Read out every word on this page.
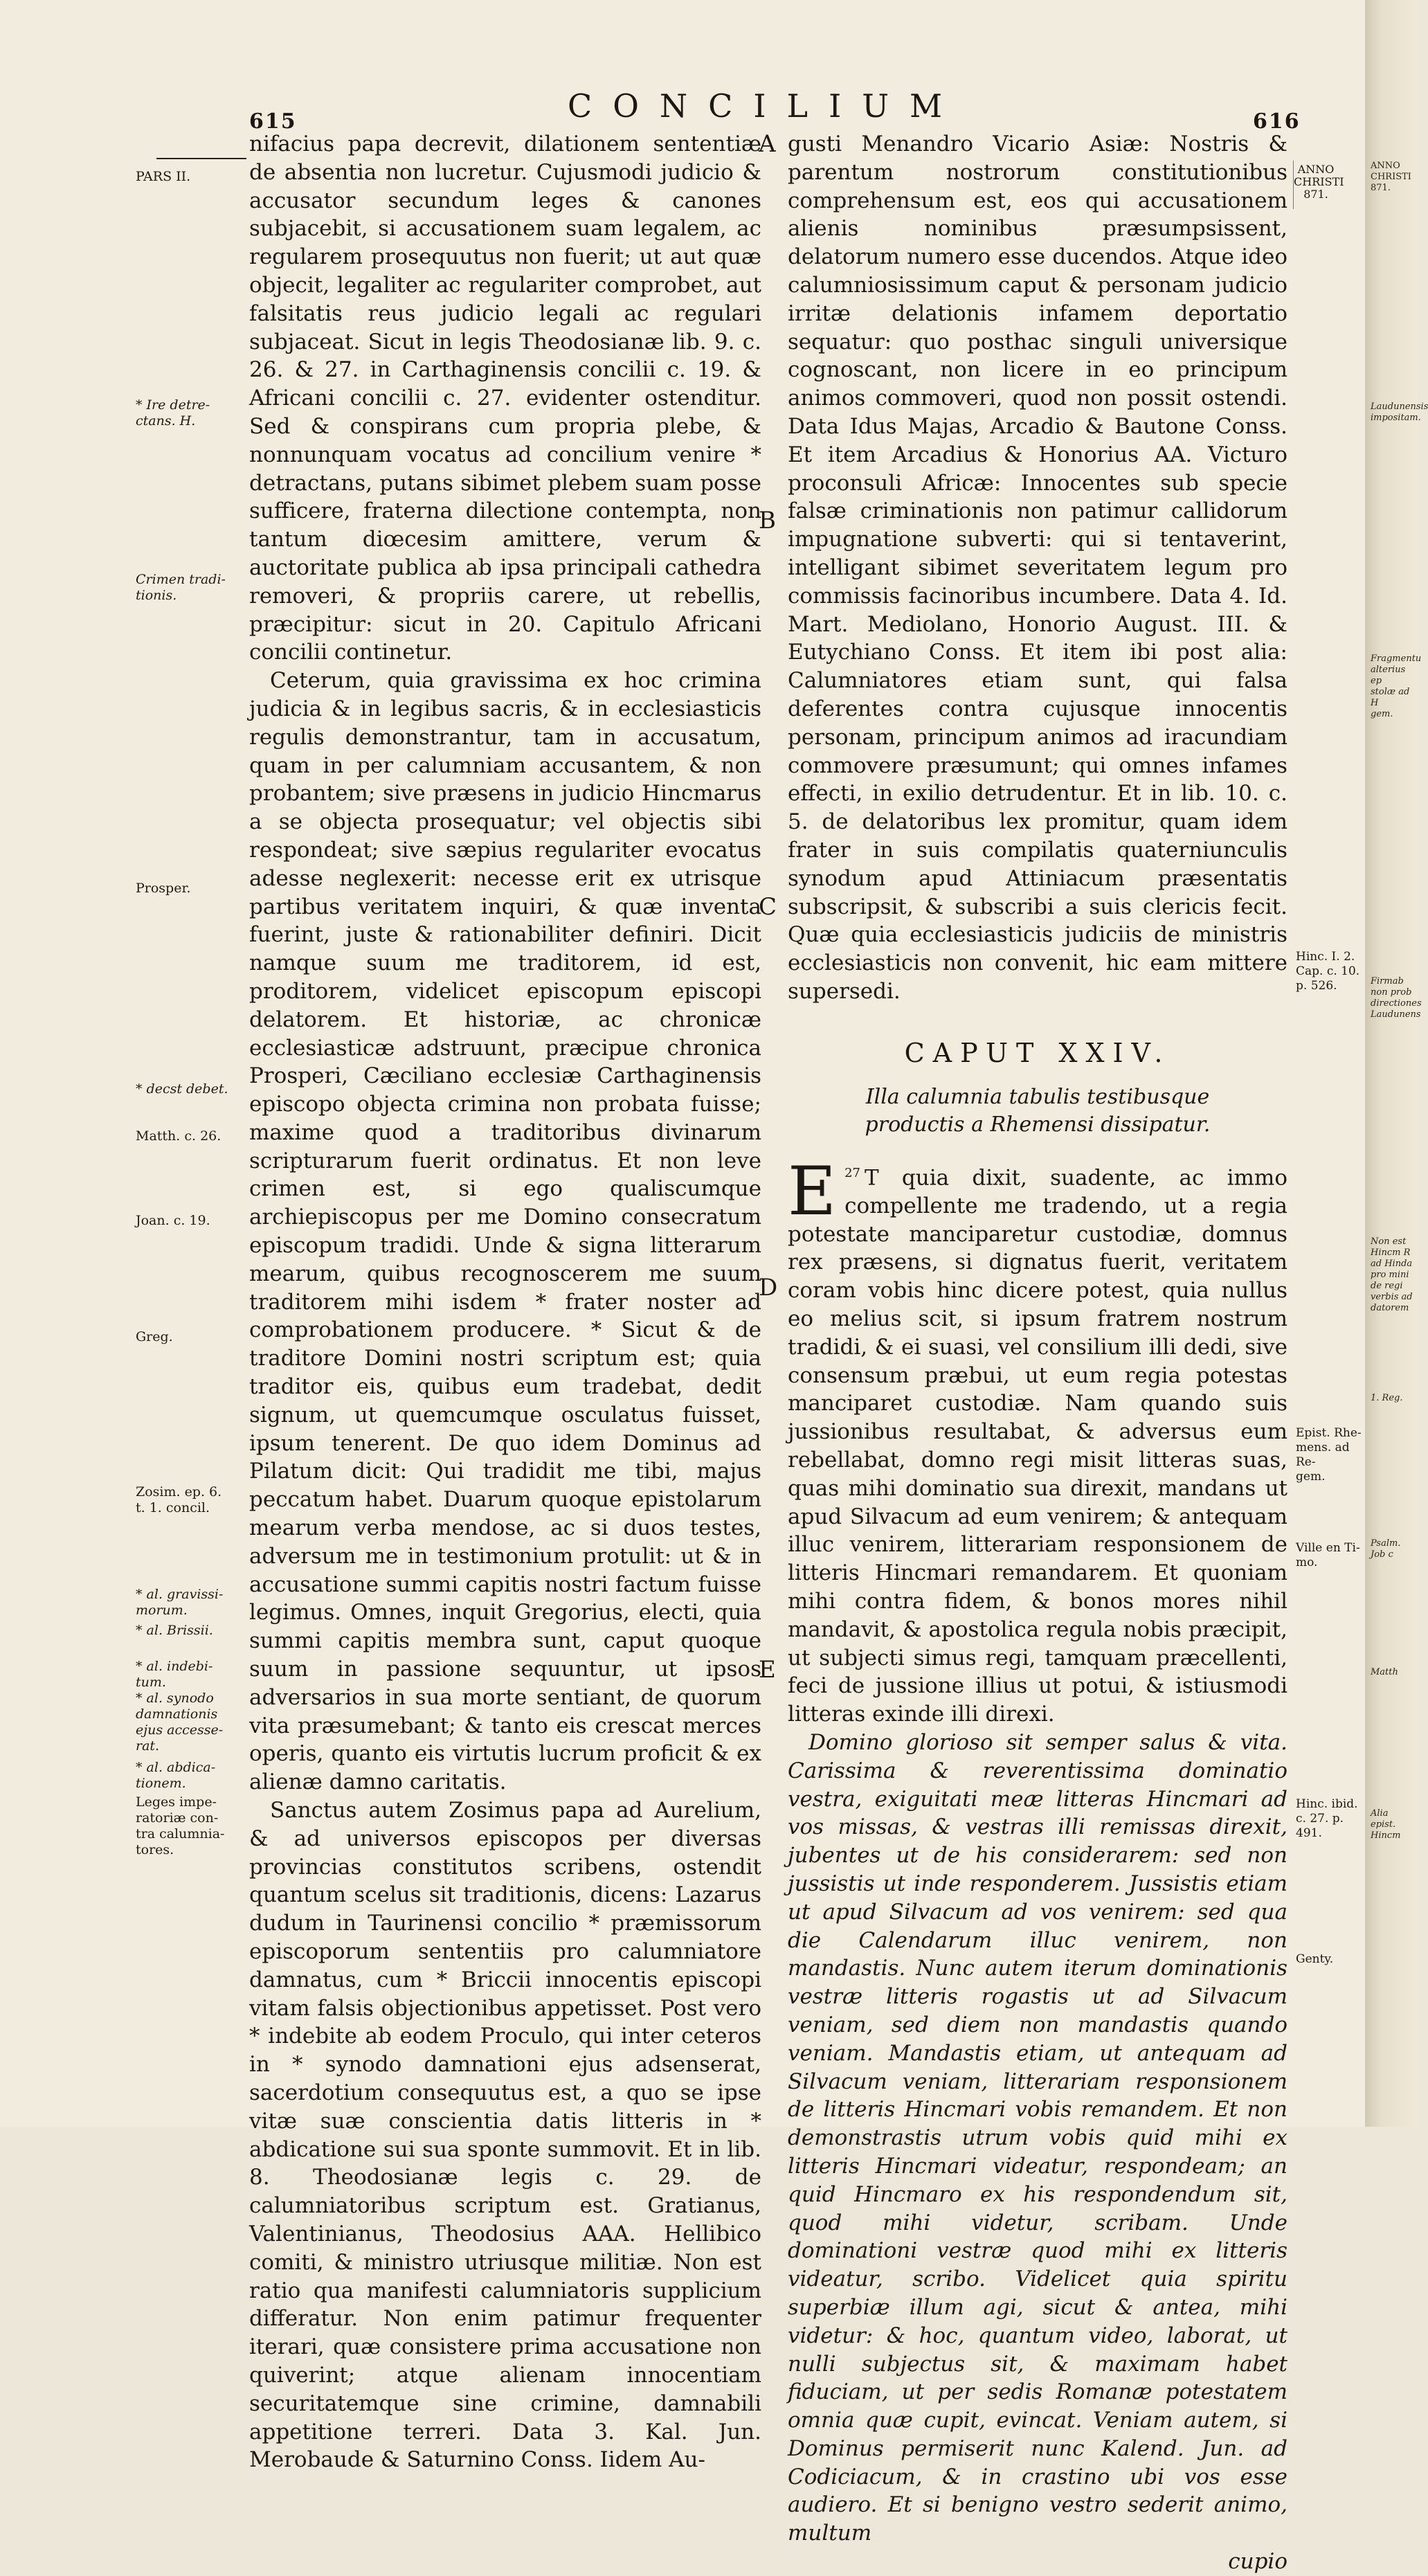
615	CONCILIUM	616
PARS II.
* Ire detre-
ctans. H.
Crimen tradi-
tionis.
Prosper.
* decst debet.
Matth. c. 26.
Joan. c. 19.
Greg.
Zosim. ep. 6.
t. 1. concil.
* al. gravissi-
morum.
* al. Brissii.
* al. indebi-
tum.
* al. synodo
damnationis
ejus accesse-
rat.
* al. abdica-
tionem.
Leges impe-
ratoriæ con-
tra calumnia-
tores.

nifacius papa decrevit, dilationem sententiæ de absentia non lucretur. Cujusmodi judicio & accusator secundum leges & canones subjacebit, si accusationem suam legalem, ac regularem prosequutus non fuerit; ut aut quæ objecit, legaliter ac regulariter comprobet, aut falsitatis reus judicio legali ac regulari subjaceat. Sicut in legis Theodosianæ lib. 9. c. 26. & 27. in Carthaginensis concilii c. 19. & Africani concilii c. 27. evidenter ostenditur. Sed & conspirans cum propria plebe, & nonnunquam vocatus ad concilium venire * detractans, putans sibimet plebem suam posse sufficere, fraterna dilectione contempta, non tantum diœcesim amittere, verum & auctoritate publica ab ipsa principali cathedra removeri, & propriis carere, ut rebellis, præcipitur: sicut in 20. Capitulo Africani concilii continetur.

Ceterum, quia gravissima ex hoc crimina judicia & in legibus sacris, & in ecclesiasticis regulis demonstrantur, tam in accusatum, quam in per calumniam accusantem, & non probantem; sive præsens in judicio Hincmarus a se objecta prosequatur; vel objectis sibi respondeat; sive sæpius regulariter evocatus adesse neglexerit: necesse erit ex utrisque partibus veritatem inquiri, & quæ inventa fuerint, juste & rationabiliter definiri. Dicit namque suum me traditorem, id est, proditorem, videlicet episcopum episcopi delatorem. Et historiæ, ac chronicæ ecclesiasticæ adstruunt, præcipue chronica Prosperi, Cæciliano ecclesiæ Carthaginensis episcopo objecta crimina non probata fuisse; maxime quod a traditoribus divinarum scripturarum fuerit ordinatus. Et non leve crimen est, si ego qualiscumque archiepiscopus per me Domino consecratum episcopum tradidi. Unde & signa litterarum mearum, quibus recognoscerem me suum traditorem mihi isdem * frater noster ad comprobationem producere. * Sicut & de traditore Domini nostri scriptum est; quia traditor eis, quibus eum tradebat, dedit signum, ut quemcumque osculatus fuisset, ipsum tenerent. De quo idem Dominus ad Pilatum dicit: Qui tradidit me tibi, majus peccatum habet. Duarum quoque epistolarum mearum verba mendose, ac si duos testes, adversum me in testimonium protulit: ut & in accusatione summi capitis nostri factum fuisse legimus. Omnes, inquit Gregorius, electi, quia summi capitis membra sunt, caput quoque suum in passione sequuntur, ut ipsos adversarios in sua morte sentiant, de quorum vita præsumebant; & tanto eis crescat merces operis, quanto eis virtutis lucrum proficit & ex alienæ damno caritatis.

Sanctus autem Zosimus papa ad Aurelium, & ad universos episcopos per diversas provincias constitutos scribens, ostendit quantum scelus sit traditionis, dicens: Lazarus dudum in Taurinensi concilio * præmissorum episcoporum sententiis pro calumniatore damnatus, cum * Briccii innocentis episcopi vitam falsis objectionibus appetisset. Post vero * indebite ab eodem Proculo, qui inter ceteros in * synodo damnationi ejus adsenserat, sacerdotium consequutus est, a quo se ipse vitæ suæ conscientia datis litteris in * abdicatione sui sua sponte summovit. Et in lib. 8. Theodosianæ legis c. 29. de calumniatoribus scriptum est. Gratianus, Valentinianus, Theodosius AAA. Hellibico comiti, & ministro utriusque militiæ. Non est ratio qua manifesti calumniatoris supplicium differatur. Non enim patimur frequenter iterari, quæ consistere prima accusatione non quiverint; atque alienam innocentiam securitatemque sine crimine, damnabili appetitione terreri. Data 3. Kal. Jun. Merobaude & Saturnino Conss. Iidem Au-

A
B
C
D
E

gusti Menandro Vicario Asiæ: Nostris & parentum nostrorum constitutionibus comprehensum est, eos qui accusationem alienis nominibus præsumpsissent, delatorum numero esse ducendos. Atque ideo calumniosissimum caput & personam judicio irritæ delationis infamem deportatio sequatur: quo posthac singuli universique cognoscant, non licere in eo principum animos commoveri, quod non possit ostendi. Data Idus Majas, Arcadio & Bautone Conss. Et item Arcadius & Honorius AA. Victuro proconsuli Africæ: Innocentes sub specie falsæ criminationis non patimur callidorum impugnatione subverti: qui si tentaverint, intelligant sibimet severitatem legum pro commissis facinoribus incumbere. Data 4. Id. Mart. Mediolano, Honorio August. III. & Eutychiano Conss. Et item ibi post alia: Calumniatores etiam sunt, qui falsa deferentes contra cujusque innocentis personam, principum animos ad iracundiam commovere præsumunt; qui omnes infames effecti, in exilio detrudentur. Et in lib. 10. c. 5. de delatoribus lex promitur, quam idem frater in suis compilatis quaterniunculis synodum apud Attiniacum præsentatis subscripsit, & subscribi a suis clericis fecit. Quæ quia ecclesiasticis judiciis de ministris ecclesiasticis non convenit, hic eam mittere supersedi.

CAPUT XXIV.
Illa calumnia tabulis testibusque productis a Rhemensi dissipatur.

$^{27}$
E T quia dixit, suadente, ac immo compellente me tradendo, ut a regia potestate manciparetur custodiæ, domnus rex præsens, si dignatus fuerit, veritatem coram vobis hinc dicere potest, quia nullus eo melius scit, si ipsum fratrem nostrum tradidi, & ei suasi, vel consilium illi dedi, sive consensum præbui, ut eum regia potestas manciparet custodiæ. Nam quando suis jussionibus resultabat, & adversus eum rebellabat, domno regi misit litteras suas, quas mihi dominatio sua direxit, mandans ut apud Silvacum ad eum venirem; & antequam illuc venirem, litterariam responsionem de litteris Hincmari remandarem. Et quoniam mihi contra fidem, & bonos mores nihil mandavit, & apostolica regula nobis præcipit, ut subjecti simus regi, tamquam præcellenti, feci de jussione illius ut potui, & istiusmodi litteras exinde illi direxi.

Domino glorioso sit semper salus & vita. Carissima & reverentissima dominatio vestra, exiguitati meæ litteras Hincmari ad vos missas, & vestras illi remissas direxit, jubentes ut de his considerarem: sed non jussistis ut inde responderem. Jussistis etiam ut apud Silvacum ad vos venirem: sed qua die Calendarum illuc venirem, non mandastis. Nunc autem iterum dominationis vestræ litteris rogastis ut ad Silvacum veniam, sed diem non mandastis quando veniam. Mandastis etiam, ut antequam ad Silvacum veniam, litterariam responsionem de litteris Hincmari vobis remandem. Et non demonstrastis utrum vobis quid mihi ex litteris Hincmari videatur, respondeam; an quid Hincmaro ex his respondendum sit, quod mihi videtur, scribam. Unde dominationi vestræ quod mihi ex litteris videatur, scribo. Videlicet quia spiritu superbiæ illum agi, sicut & antea, mihi videtur: & hoc, quantum video, laborat, ut nulli subjectus sit, & maximam habet fiduciam, ut per sedis Romanæ potestatem omnia quæ cupit, evincat. Veniam autem, si Dominus permiserit nunc Kalend. Jun. ad Codiciacum, & in crastino ubi vos esse audiero. Et si benigno vestro sederit animo, multum

cupio
ANNO
CHRISTI
871.
Hinc. I. 2.
Cap. c. 10.
p. 526.
Epist. Rhe-
mens. ad Re-
gem.
Ville en Ti-
mo.
Hinc. ibid.
c. 27. p. 491.
Genty.
ANNO
CHRISTI
871.
Laudunensis
impositam.
Fragmentu
alterius ep
stolæ ad H
gem.
Firmab
non prob
directiones
Laudunens
Non est
Hincm R
ad Hinda
pro mini
de regi
verbis ad
datorem
1. Reg.
Psalm.
Job c
Matth
Alia
epist.
Hincm
